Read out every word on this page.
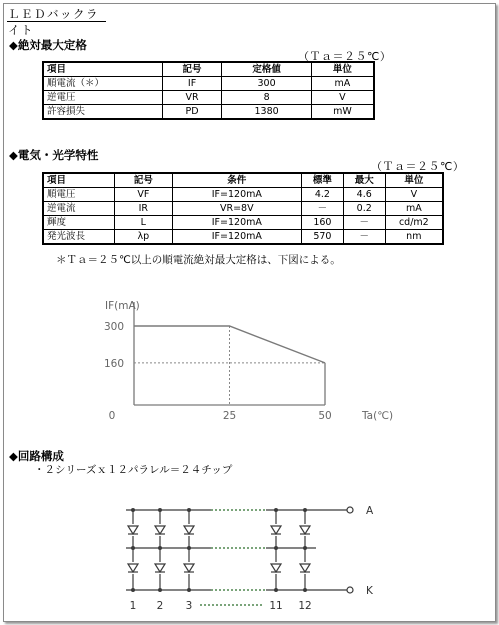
ＬＥＤバックライト
◆絶対最大定格
（Ｔａ＝２５℃）
項目	記号	定格値	単位
順電流（＊）	IF	300	mA
逆電圧	VR	8	V
許容損失	PD	1380	mW
◆電気・光学特性
（Ｔａ＝２５℃）
項目	記号	条件	標準	最大	単位
順電圧	VF	IF=120mA	4.2	4.6	V
逆電流	IR	VR=8V	－	0.2	mA
輝度	L	IF=120mA	160	－	cd/m2
発光波長	λp	IF=120mA	570	－	nm
＊Ｔａ＝２５℃以上の順電流絶対最大定格は、下図による。
300
160
0	25	50
IF(mA)
Ta(℃)
◆回路構成
・２シリーズｘ１２パラレル＝２４チップ
A
K
1 2 3	11 12
